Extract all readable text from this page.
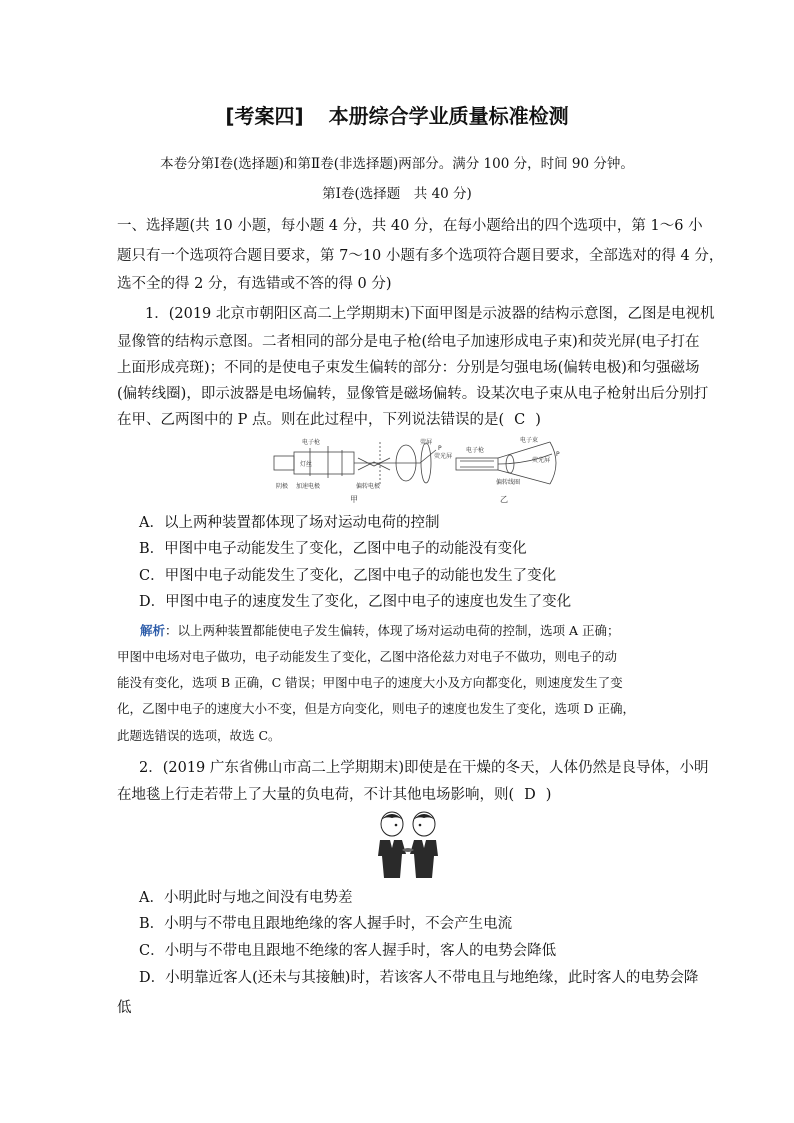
[考案四] 本册综合学业质量标准检测
本卷分第Ⅰ卷(选择题)和第Ⅱ卷(非选择题)两部分。满分 100 分，时间 90 分钟。
第Ⅰ卷(选择题　共 40 分)
一、选择题(共 10 小题，每小题 4 分，共 40 分，在每小题给出的四个选项中，第 1～6 小
题只有一个选项符合题目要求，第 7～10 小题有多个选项符合题目要求，全部选对的得 4 分，
选不全的得 2 分，有选错或不答的得 0 分)
1．(2019 北京市朝阳区高二上学期期末)下面甲图是示波器的结构示意图，乙图是电视机
显像管的结构示意图。二者相同的部分是电子枪(给电子加速形成电子束)和荧光屏(电子打在
上面形成亮斑)；不同的是使电子束发生偏转的部分：分别是匀强电场(偏转电极)和匀强磁场
(偏转线圈)，即示波器是电场偏转，显像管是磁场偏转。设某次电子束从电子枪射出后分别打
在甲、乙两图中的 P 点。则在此过程中，下列说法错误的是( C )
电子枪
灯丝
阴极 加速电极	偏转电极
荧屏
荧光屏
P
甲
电子枪
电子束
荧光屏
偏转线圈
P
乙
A．以上两种装置都体现了场对运动电荷的控制
B．甲图中电子动能发生了变化，乙图中电子的动能没有变化
C．甲图中电子动能发生了变化，乙图中电子的动能也发生了变化
D．甲图中电子的速度发生了变化，乙图中电子的速度也发生了变化
解析：以上两种装置都能使电子发生偏转，体现了场对运动电荷的控制，选项 A 正确；
甲图中电场对电子做功，电子动能发生了变化，乙图中洛伦兹力对电子不做功，则电子的动
能没有变化，选项 B 正确，C 错误；甲图中电子的速度大小及方向都变化，则速度发生了变
化，乙图中电子的速度大小不变，但是方向变化，则电子的速度也发生了变化，选项 D 正确，
此题选错误的选项，故选 C。
2．(2019 广东省佛山市高二上学期期末)即使是在干燥的冬天，人体仍然是良导体，小明
在地毯上行走若带上了大量的负电荷，不计其他电场影响，则( D )
A．小明此时与地之间没有电势差
B．小明与不带电且跟地绝缘的客人握手时，不会产生电流
C．小明与不带电且跟地不绝缘的客人握手时，客人的电势会降低
D．小明靠近客人(还未与其接触)时，若该客人不带电且与地绝缘，此时客人的电势会降
低
